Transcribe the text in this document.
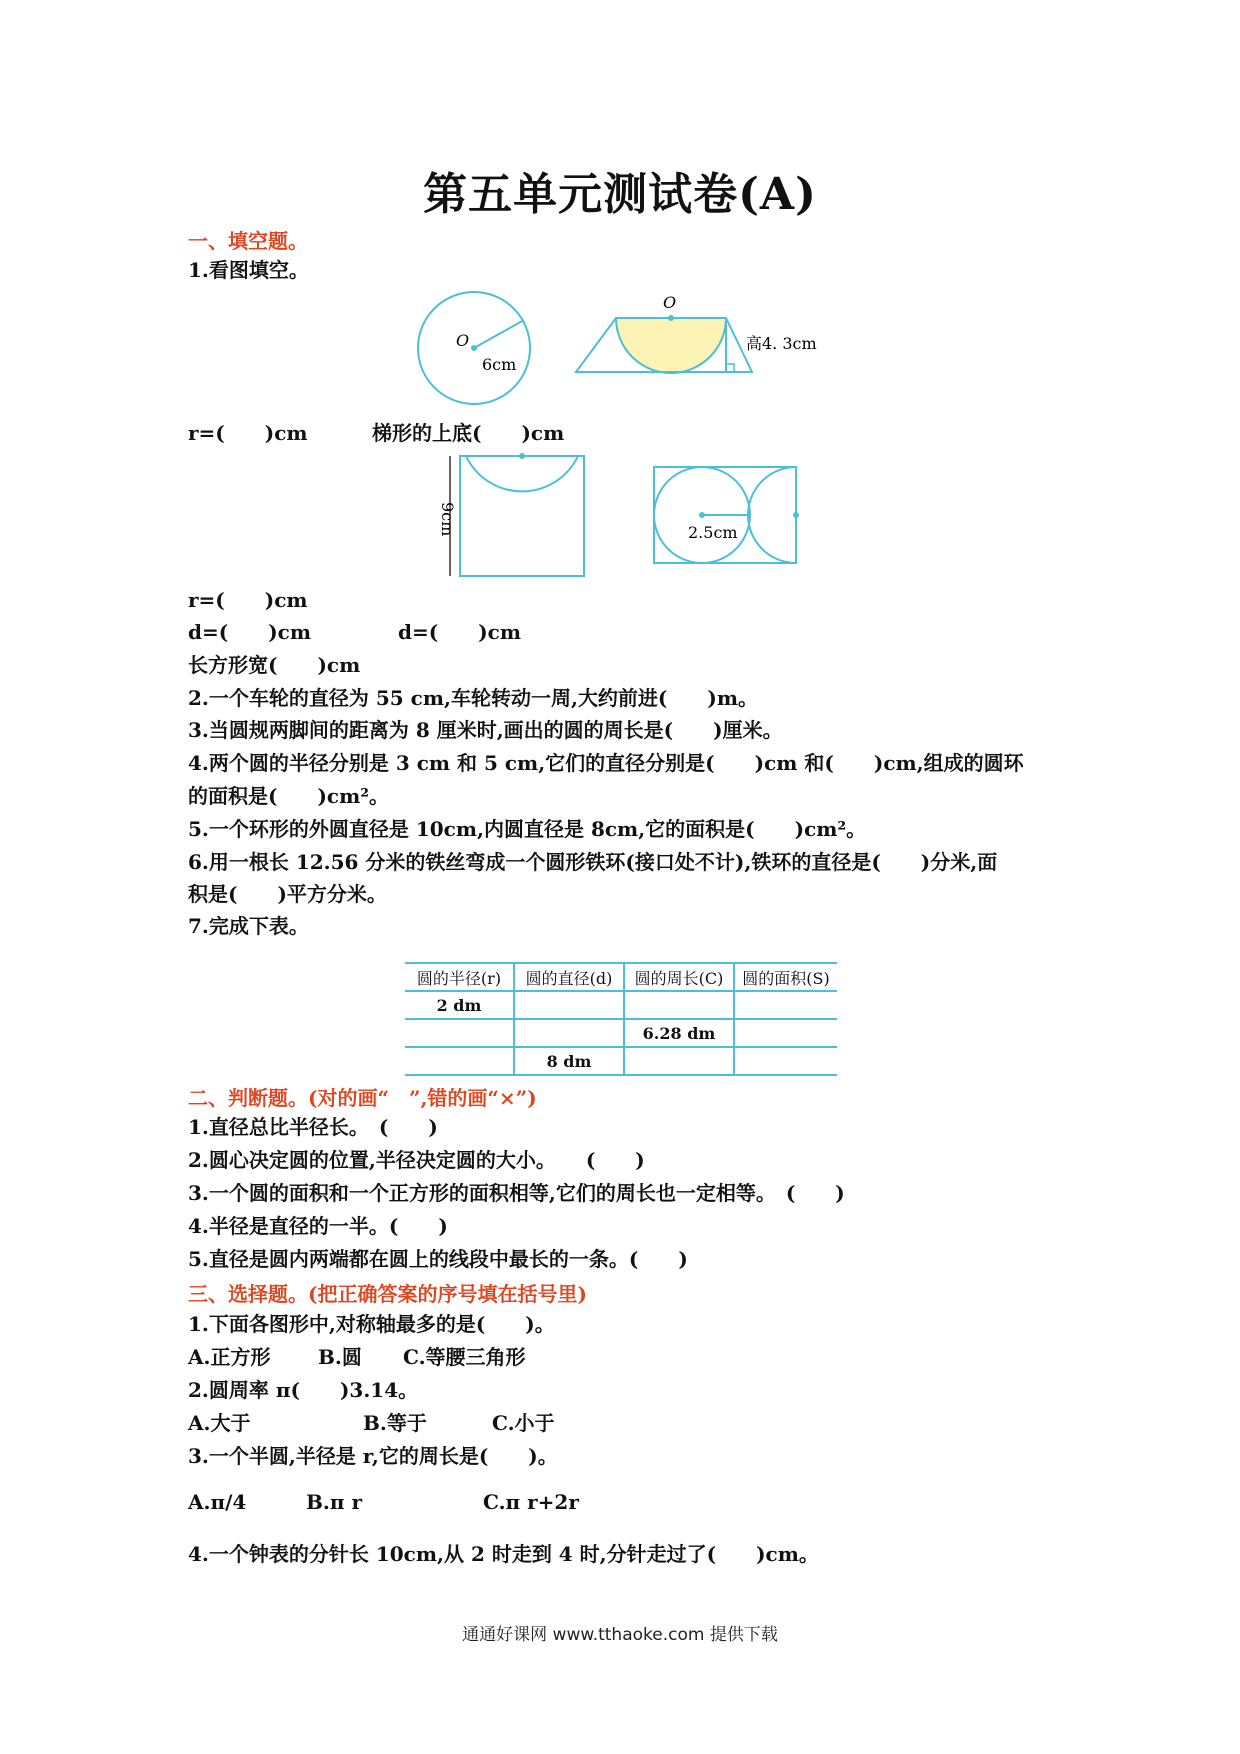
第五单元测试卷(A)
一、填空题。
1.看图填空。
O
6cm
O
高4. 3cm
r=(　　)cm	梯形的上底(　　)cm
9cm	2.5cm
r=(　　)cm
d=(　　)cm	d=(　　)cm
长方形宽(　　)cm
2.一个车轮的直径为 55 cm,车轮转动一周,大约前进(　　)m。
3.当圆规两脚间的距离为 8 厘米时,画出的圆的周长是(　　)厘米。
4.两个圆的半径分别是 3 cm 和 5 cm,它们的直径分别是(　　)cm 和(　　)cm,组成的圆环
的面积是(　　)cm²。
5.一个环形的外圆直径是 10cm,内圆直径是 8cm,它的面积是(　　)cm²。
6.用一根长 12.56 分米的铁丝弯成一个圆形铁环(接口处不计),铁环的直径是(　　)分米,面
积是(　　)平方分米。
7.完成下表。
圆的半径(r)	圆的直径(d)	圆的周长(C)	圆的面积(S)
2 dm			
		6.28 dm	
	8 dm		
二、判断题。(对的画“　”,错的画“×”)
1.直径总比半径长。　(　　)
2.圆心决定圆的位置,半径决定圆的大小。　　(　　)
3.一个圆的面积和一个正方形的面积相等,它们的周长也一定相等。　(　　)
4.半径是直径的一半。(　　)
5.直径是圆内两端都在圆上的线段中最长的一条。(　　)
三、选择题。(把正确答案的序号填在括号里)
1.下面各图形中,对称轴最多的是(　　)。
A.正方形 B.圆 C.等腰三角形
2.圆周率 π(　　)3.14。
A.大于	B.等于	C.小于
3.一个半圆,半径是 r,它的周长是(　　)。
A.π/4	B.π r	C.π r+2r
4.一个钟表的分针长 10cm,从 2 时走到 4 时,分针走过了(　　)cm。
通通好课网 www.tthaoke.com 提供下载
